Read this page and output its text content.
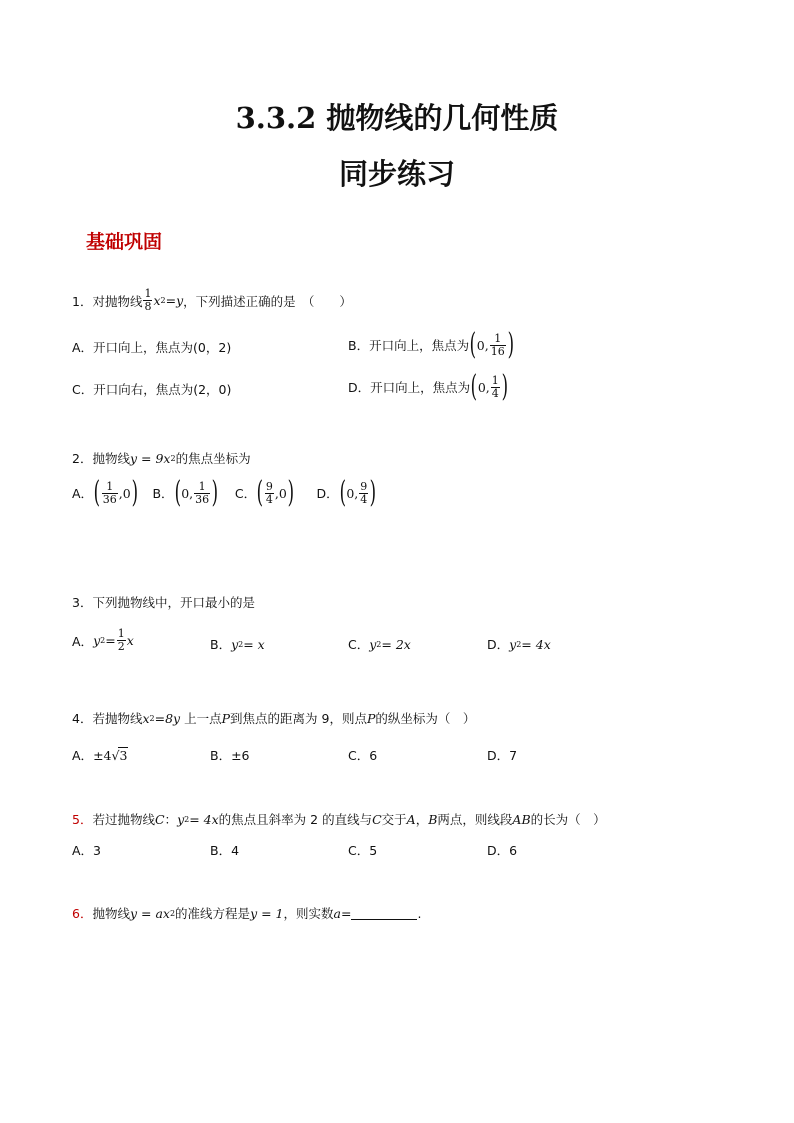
3.3.2 抛物线的几何性质
同步练习
基础巩固
1． 对抛物线 $\frac{1}{8}$ x 2 = y ，下列描述正确的是　（　　）
A．开口向上，焦点为(0，2)	B．开口向上，焦点为 ( 0, $\frac{1}{16}$ )
C．开口向右，焦点为(2，0)	D．开口向上，焦点为 ( 0, $\frac{1}{4}$ )
2． 抛物线 y = 9x 2 的焦点坐标为
A． ( $\frac{1}{36} ,0$ ) B． ( 0, $\frac{1}{36}$ ) C． ( $\frac{9}{4} ,0$ ) D． ( 0, $\frac{9}{4}$ )
3．下列抛物线中，开口最小的是
A． y $2 = \frac{1}{2}$ x	B． y 2 = x	C． y 2 = 2x	D． y 2 = 4x
4．若抛物线 x 2 =8y 上一点 P 到焦点的距离为 9，则点 P 的纵坐标为（　）
A． ±4 √ 3	B．±6	C．6	D．7
5． 若过抛物线 C ： y 2 = 4x 的焦点且斜率为 2 的直线与 C 交于 A ， B 两点，则线段 AB 的长为（　）
A．3	B．4	C．5	D．6
6． 抛物线 y = ax 2 的准线方程是 y = 1 ，则实数 a =	.
